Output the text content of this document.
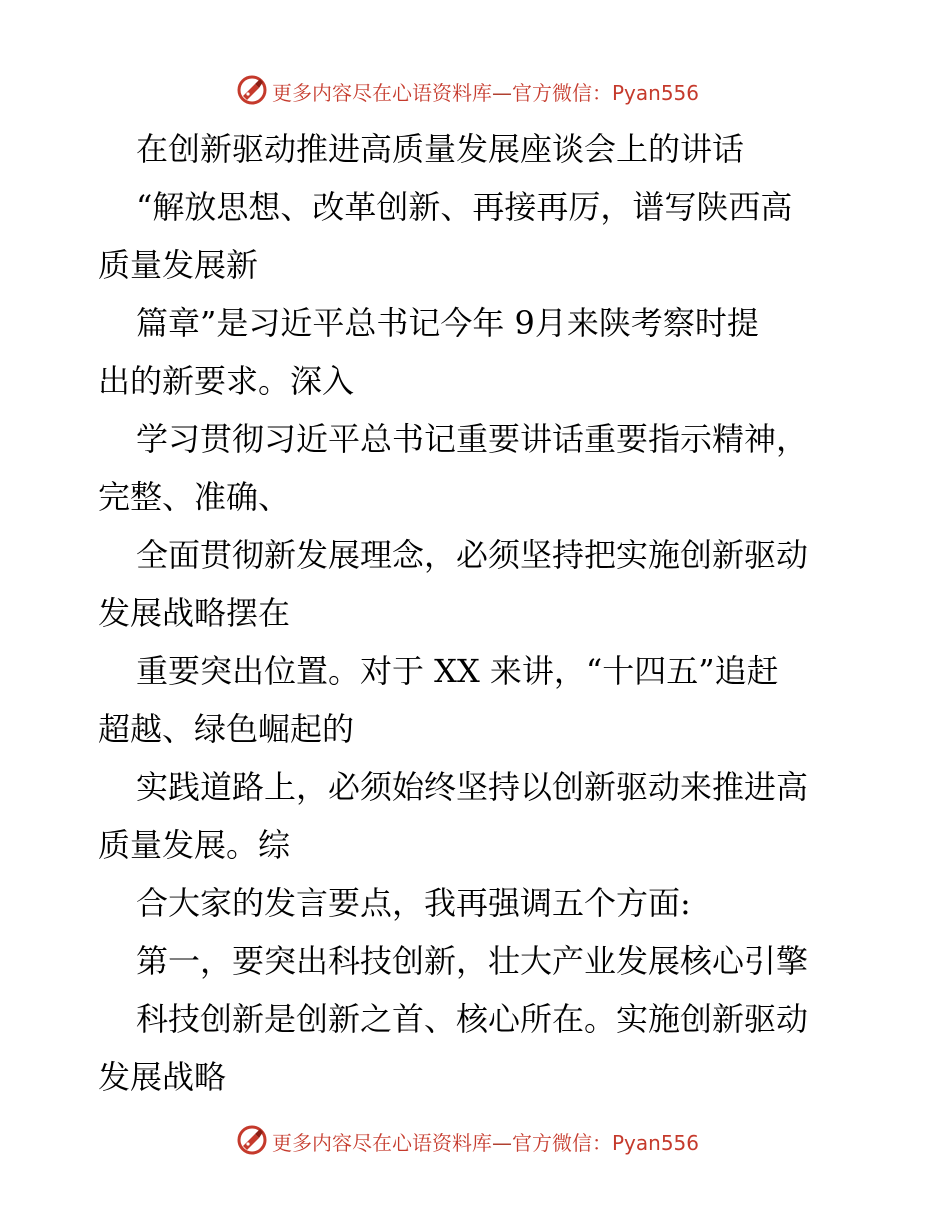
更多内容尽在心语资料库—官方微信：Pyan556
在创新驱动推进高质量发展座谈会上的讲话
“解放思想、改革创新、再接再厉，谱写陕西高
质量发展新
篇章”是习近平总书记今年 9月来陕考察时提
出的新要求。深入
学习贯彻习近平总书记重要讲话重要指示精神，
完整、准确、
全面贯彻新发展理念，必须坚持把实施创新驱动
发展战略摆在
重要突出位置。对于 XX 来讲，“十四五”追赶
超越、绿色崛起的
实践道路上，必须始终坚持以创新驱动来推进高
质量发展。综
合大家的发言要点，我再强调五个方面:
第一，要突出科技创新，壮大产业发展核心引擎
科技创新是创新之首、核心所在。实施创新驱动
发展战略
更多内容尽在心语资料库—官方微信：Pyan556
